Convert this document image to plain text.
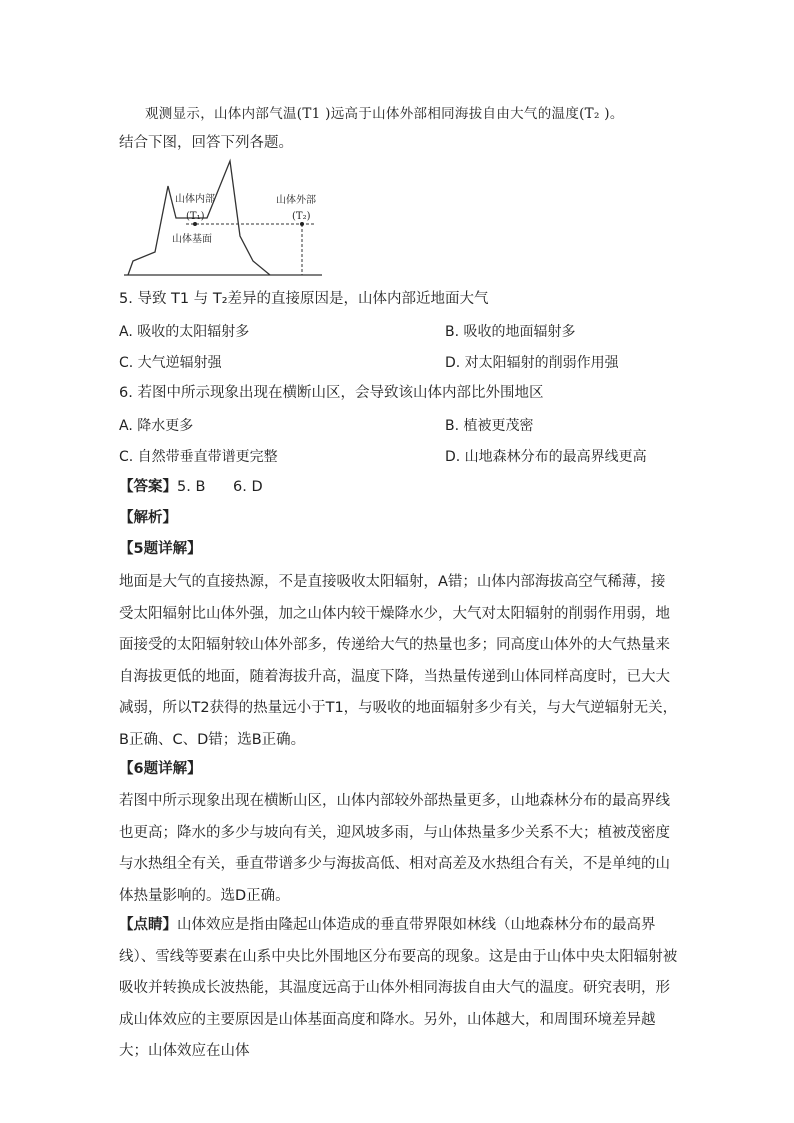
观测显示，山体内部气温(T1 )远高于山体外部相同海拔自由大气的温度(T₂ )。
结合下图，回答下列各题。
山体内部
(T₁)
山体外部
(T₂)
山体基面
5. 导致 T1 与 T₂差异的直接原因是，山体内部近地面大气
A. 吸收的太阳辐射多	B. 吸收的地面辐射多
C. 大气逆辐射强	D. 对太阳辐射的削弱作用强
6. 若图中所示现象出现在横断山区，会导致该山体内部比外围地区
A. 降水更多	B. 植被更茂密
C. 自然带垂直带谱更完整	D. 山地森林分布的最高界线更高
【答案】5. B      6. D
【解析】
【5题详解】

地面是大气的直接热源，不是直接吸收太阳辐射，A错；山体内部海拔高空气稀薄，接受太阳辐射比山体外强，加之山体内较干燥降水少，大气对太阳辐射的削弱作用弱，地面接受的太阳辐射较山体外部多，传递给大气的热量也多；同高度山体外的大气热量来自海拔更低的地面，随着海拔升高，温度下降，当热量传递到山体同样高度时，已大大减弱，所以T2获得的热量远小于T1，与吸收的地面辐射多少有关，与大气逆辐射无关，B正确、C、D错；选B正确。

【6题详解】

若图中所示现象出现在横断山区，山体内部较外部热量更多，山地森林分布的最高界线也更高；降水的多少与坡向有关，迎风坡多雨，与山体热量多少关系不大；植被茂密度与水热组全有关，垂直带谱多少与海拔高低、相对高差及水热组合有关，不是单纯的山体热量影响的。选D正确。

【点睛】山体效应是指由隆起山体造成的垂直带界限如林线（山地森林分布的最高界线）、雪线等要素在山系中央比外围地区分布要高的现象。这是由于山体中央太阳辐射被吸收并转换成长波热能，其温度远高于山体外相同海拔自由大气的温度。研究表明，形成山体效应的主要原因是山体基面高度和降水。另外，山体越大，和周围环境差异越大；山体效应在山体
